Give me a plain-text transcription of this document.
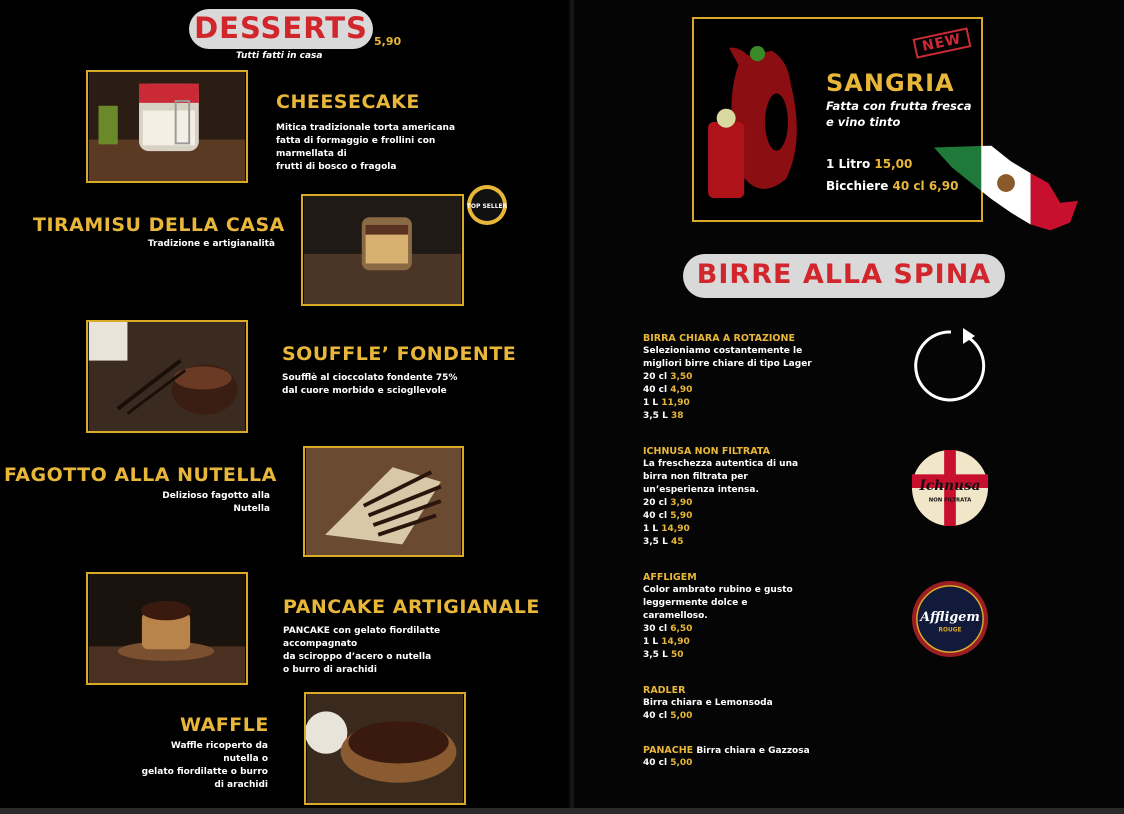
DESSERTS 5,90
Tutti fatti in casa
CHEESECAKE
Mitica tradizionale torta americana
fatta di formaggio e frollini con marmellata di
frutti di bosco o fragola
TIRAMISU DELLA CASA
Tradizione e artigianalità
TOP SELLER
SOUFFLE’ FONDENTE
Soufflè al cioccolato fondente 75%
dal cuore morbido e sciogllevole
FAGOTTO ALLA NUTELLA
Delizioso fagotto alla
Nutella
PANCAKE ARTIGIANALE
PANCAKE con gelato fiordilatte accompagnato
da sciroppo d’acero o nutella
o burro di arachidi
WAFFLE
Waffle ricoperto da
nutella o
gelato fiordilatte o burro
di arachidi
NEW
SANGRIA
Fatta con frutta fresca
e vino tinto
1 Litro 15,00
Bicchiere 40 cl 6,90
BIRRE ALLA SPINA
BIRRA CHIARA A ROTAZIONE
Selezioniamo costantemente le
migliori birre chiare di tipo Lager
20 cl 3,50
40 cl 4,90
1 L 11,90
3,5 L 38
ICHNUSA NON FILTRATA
La freschezza autentica di una
birra non filtrata per
un’esperienza intensa.
20 cl 3,90
40 cl 5,90
1 L 14,90
3,5 L 45
Ichnusa
NON FILTRATA
AFFLIGEM
Color ambrato rubino e gusto
leggermente dolce e
caramelloso.
30 cl 6,50
1 L 14,90
3,5 L 50
Affligem
ROUGE
RADLER
Birra chiara e Lemonsoda
40 cl 5,00
PANACHE Birra chiara e Gazzosa
40 cl 5,00
